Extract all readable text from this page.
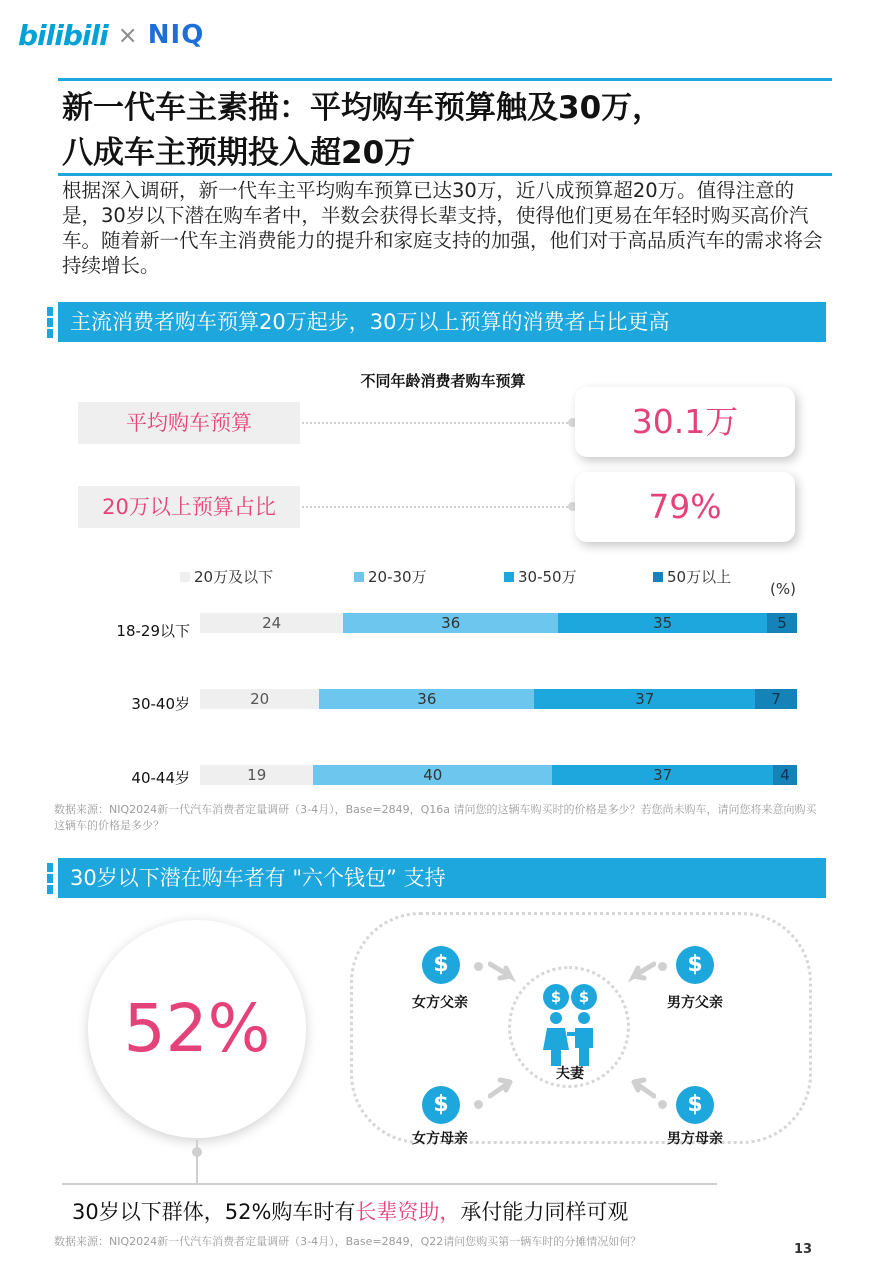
bilibili × NIQ
新一代车主素描：平均购车预算触及30万，
八成车主预期投入超20万
根据深入调研，新一代车主平均购车预算已达30万，近八成预算超20万。值得注意的是，30岁以下潜在购车者中，半数会获得长辈支持，使得他们更易在年轻时购买高价汽车。随着新一代车主消费能力的提升和家庭支持的加强，他们对于高品质汽车的需求将会持续增长。
主流消费者购车预算20万起步，30万以上预算的消费者占比更高
不同年龄消费者购车预算
平均购车预算	30.1万
20万以上预算占比	79%
20万及以下	20-30万	30-50万	50万以上
(%)
18-29以下	24	36	35	5
30-40岁	20	36	37	7
40-44岁	19	40	37	4
数据来源：NIQ2024新一代汽车消费者定量调研（3-4月），Base=2849，Q16a 请问您的这辆车购买时的价格是多少？若您尚未购车，请问您将来意向购买这辆车的价格是多少？
30岁以下潜在购车者有 "六个钱包” 支持
52%
$
女方父亲
$
男方父亲
$	$
夫妻
$
女方母亲
$
男方母亲
30岁以下群体，52%购车时有长辈资助，承付能力同样可观
数据来源：NIQ2024新一代汽车消费者定量调研（3-4月），Base=2849，Q22请问您购买第一辆车时的分摊情况如何？
13
